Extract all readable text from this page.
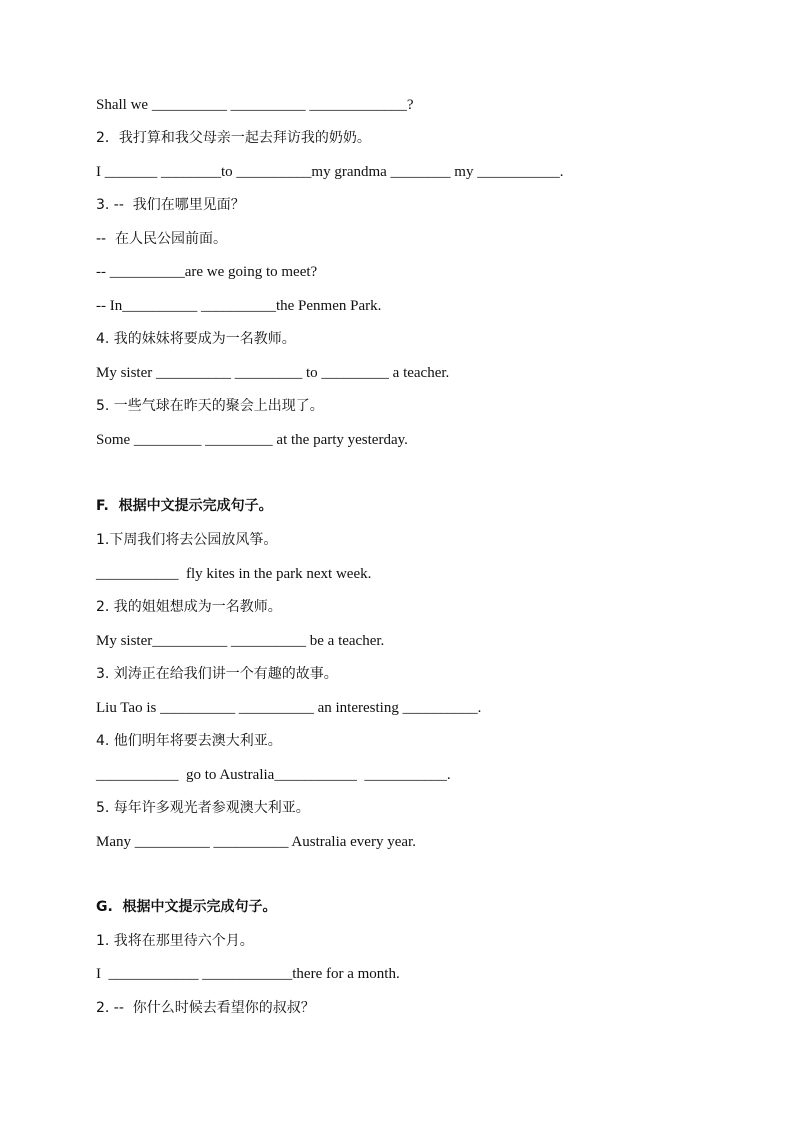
Shall we __________ __________ _____________?
2．我打算和我父母亲一起去拜访我的奶奶。
I _______ ________to __________my grandma ________ my ___________.
3. --  我们在哪里见面？
--  在人民公园前面。
-- __________are we going to meet?
-- In__________ __________the Penmen Park.
4. 我的妹妹将要成为一名教师。
My sister __________ _________ to _________ a teacher.
5. 一些气球在昨天的聚会上出现了。
Some _________ _________ at the party yesterday.
F.  根据中文提示完成句子。
1.下周我们将去公园放风筝。
___________  fly kites in the park next week.
2. 我的姐姐想成为一名教师。
My sister__________ __________ be a teacher.
3. 刘涛正在给我们讲一个有趣的故事。
Liu Tao is __________ __________ an interesting __________.
4. 他们明年将要去澳大利亚。
___________  go to Australia___________  ___________.
5. 每年许多观光者参观澳大利亚。
Many __________ __________ Australia every year.
G.  根据中文提示完成句子。
1. 我将在那里待六个月。
I  ____________ ____________there for a month.
2. --  你什么时候去看望你的叔叔？
